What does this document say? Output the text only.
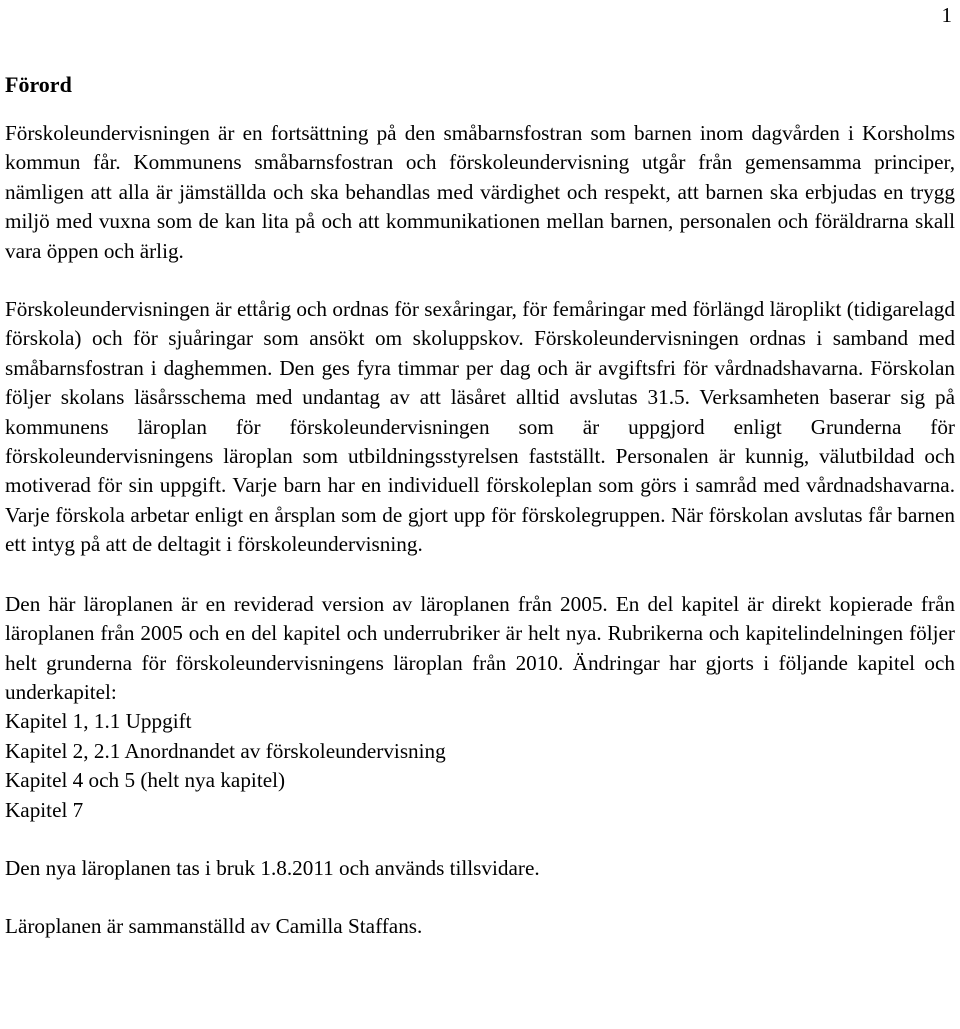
1
Förord

Förskoleundervisningen är en fortsättning på den småbarnsfostran som barnen inom dagvården i Korsholms kommun får. Kommunens småbarnsfostran och förskoleundervisning utgår från gemensamma principer, nämligen att alla är jämställda och ska behandlas med värdighet och respekt, att barnen ska erbjudas en trygg miljö med vuxna som de kan lita på och att kommunikationen mellan barnen, personalen och föräldrarna skall vara öppen och ärlig.

Förskoleundervisningen är ettårig och ordnas för sexåringar, för femåringar med förlängd läroplikt (tidigarelagd förskola) och för sjuåringar som ansökt om skoluppskov. Förskoleundervisningen ordnas i samband med småbarnsfostran i daghemmen. Den ges fyra timmar per dag och är avgiftsfri för vårdnadshavarna. Förskolan följer skolans läsårsschema med undantag av att läsåret alltid avslutas 31.5. Verksamheten baserar sig på kommunens läroplan för förskoleundervisningen som är uppgjord enligt Grunderna för förskoleundervisningens läroplan som utbildningsstyrelsen fastställt. Personalen är kunnig, välutbildad och motiverad för sin uppgift. Varje barn har en individuell förskoleplan som görs i samråd med vårdnadshavarna. Varje förskola arbetar enligt en årsplan som de gjort upp för förskolegruppen. När förskolan avslutas får barnen ett intyg på att de deltagit i förskoleundervisning.

Den här läroplanen är en reviderad version av läroplanen från 2005. En del kapitel är direkt kopierade från läroplanen från 2005 och en del kapitel och underrubriker är helt nya. Rubrikerna och kapitelindelningen följer helt grunderna för förskoleundervisningens läroplan från 2010. Ändringar har gjorts i följande kapitel och underkapitel:

Kapitel 1, 1.1 Uppgift

Kapitel 2, 2.1 Anordnandet av förskoleundervisning

Kapitel 4 och 5 (helt nya kapitel)

Kapitel 7

Den nya läroplanen tas i bruk 1.8.2011 och används tillsvidare.

Läroplanen är sammanställd av Camilla Staffans.
